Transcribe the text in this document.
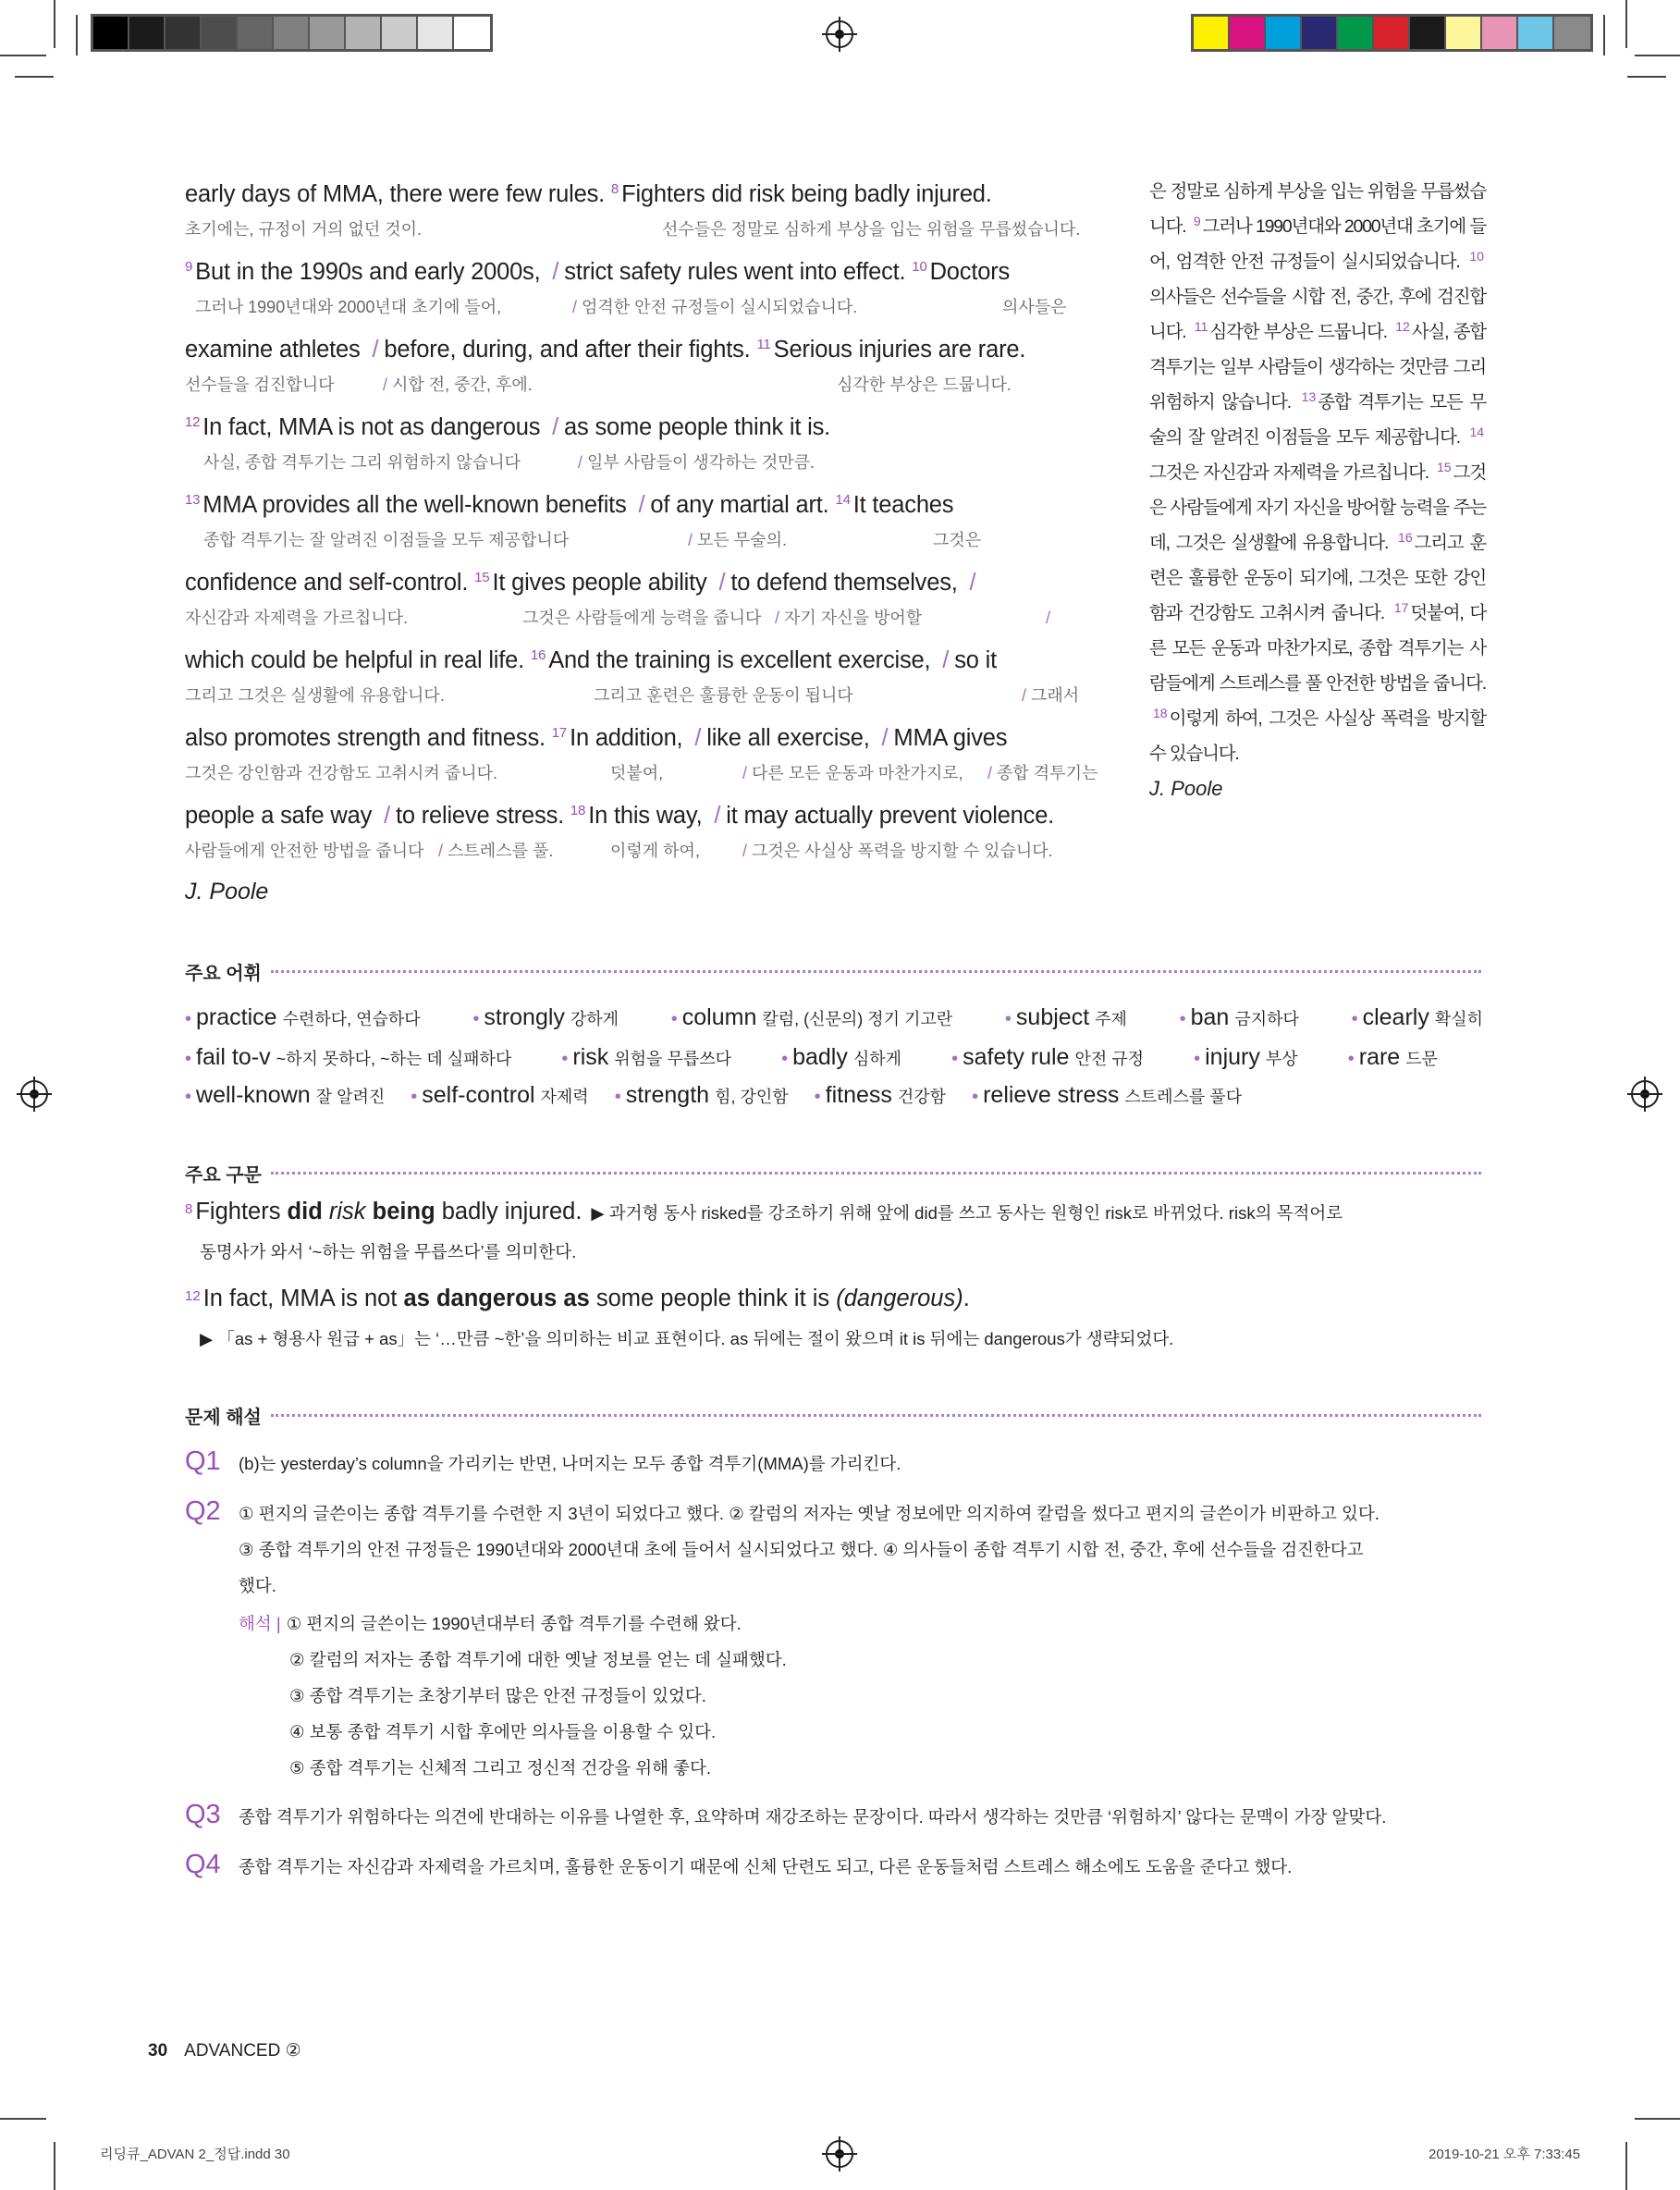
early days of MMA, there were few rules. $^8$ Fighters did risk being badly injured.
초기에는, 규정이 거의 없던 것이.	선수들은 정말로 심하게 부상을 입는 위험을 무릅썼습니다.
$^9$ But in the 1990s and early 2000s, / strict safety rules went into effect. $^{10}$ Doctors
그러나 1990년대와 2000년대 초기에 들어,	/ 엄격한 안전 규정들이 실시되었습니다.	의사들은
examine athletes / before, during, and after their fights. $^{11}$ Serious injuries are rare.
선수들을 검진합니다	/ 시합 전, 중간, 후에.	심각한 부상은 드뭅니다.
$^{12}$ In fact, MMA is not as dangerous / as some people think it is.
사실, 종합 격투기는 그리 위험하지 않습니다	/ 일부 사람들이 생각하는 것만큼.
$^{13}$ MMA provides all the well-known benefits / of any martial art. $^{14}$ It teaches
종합 격투기는 잘 알려진 이점들을 모두 제공합니다	/ 모든 무술의.	그것은
confidence and self-control. $^{15}$ It gives people ability / to defend themselves, /
자신감과 자제력을 가르칩니다.	그것은 사람들에게 능력을 줍니다 / 자기 자신을 방어할	/
which could be helpful in real life. $^{16}$ And the training is excellent exercise, / so it
그리고 그것은 실생활에 유용합니다.	그리고 훈련은 훌륭한 운동이 됩니다	/ 그래서
also promotes strength and fitness. $^{17}$ In addition, / like all exercise, / MMA gives
그것은 강인함과 건강함도 고취시켜 줍니다.	덧붙여,	/ 다른 모든 운동과 마찬가지로, / 종합 격투기는
people a safe way / to relieve stress. $^{18}$ In this way, / it may actually prevent violence.
사람들에게 안전한 방법을 줍니다 / 스트레스를 풀.	이렇게 하여,	/ 그것은 사실상 폭력을 방지할 수 있습니다.
J. Poole
은 정말로 심하게 부상을 입는 위험을 무릅썼습니다. $^9$ 그러나 1990년대와 2000년대 초기에 들어, 엄격한 안전 규정들이 실시되었습니다. $^{10}$의사들은 선수들을 시합 전, 중간, 후에 검진합니다. $^{11}$ 심각한 부상은 드뭅니다. $^{12}$ 사실, 종합 격투기는 일부 사람들이 생각하는 것만큼 그리 위험하지 않습니다. $^{13}$ 종합 격투기는 모든 무술의 잘 알려진 이점들을 모두 제공합니다. $^{14}$그것은 자신감과 자제력을 가르칩니다. $^{15}$ 그것은 사람들에게 자기 자신을 방어할 능력을 주는데, 그것은 실생활에 유용합니다. $^{16}$ 그리고 훈련은 훌륭한 운동이 되기에, 그것은 또한 강인함과 건강함도 고취시켜 줍니다. $^{17}$ 덧붙여, 다른 모든 운동과 마찬가지로, 종합 격투기는 사람들에게 스트레스를 풀 안전한 방법을 줍니다. $^{18}$ 이렇게 하여, 그것은 사실상 폭력을 방지할 수 있습니다.
J. Poole
주요 어휘
• practice 수련하다, 연습하다	• strongly 강하게	• column 칼럼, (신문의) 정기 기고란	• subject 주제	• ban 금지하다	• clearly 확실히
• fail to-v ~하지 못하다, ~하는 데 실패하다	• risk 위험을 무릅쓰다	• badly 심하게	• safety rule 안전 규정	• injury 부상	• rare 드문
• well-known 잘 알려진 • self-control 자제력 • strength 힘, 강인함 • fitness 건강함 • relieve stress 스트레스를 풀다
주요 구문
8 Fighters did risk being badly injured. ▶ 과거형 동사 risked를 강조하기 위해 앞에 did를 쓰고 동사는 원형인 risk로 바뀌었다. risk의 목적어로
동명사가 와서 ‘~하는 위험을 무릅쓰다’를 의미한다.
12 In fact, MMA is not as dangerous as some people think it is (dangerous).
▶ 「as + 형용사 원급 + as」는 ‘…만큼 ~한’을 의미하는 비교 표현이다. as 뒤에는 절이 왔으며 it is 뒤에는 dangerous가 생략되었다.
문제 해설
Q1	(b)는 yesterday’s column을 가리키는 반면, 나머지는 모두 종합 격투기(MMA)를 가리킨다.
Q2	① 편지의 글쓴이는 종합 격투기를 수련한 지 3년이 되었다고 했다. ② 칼럼의 저자는 옛날 정보에만 의지하여 칼럼을 썼다고 편지의 글쓴이가 비판하고 있다.
③ 종합 격투기의 안전 규정들은 1990년대와 2000년대 초에 들어서 실시되었다고 했다. ④ 의사들이 종합 격투기 시합 전, 중간, 후에 선수들을 검진한다고
했다.
해석 | ① 편지의 글쓴이는 1990년대부터 종합 격투기를 수련해 왔다.
② 칼럼의 저자는 종합 격투기에 대한 옛날 정보를 얻는 데 실패했다.
③ 종합 격투기는 초창기부터 많은 안전 규정들이 있었다.
④ 보통 종합 격투기 시합 후에만 의사들을 이용할 수 있다.
⑤ 종합 격투기는 신체적 그리고 정신적 건강을 위해 좋다.
Q3	종합 격투기가 위험하다는 의견에 반대하는 이유를 나열한 후, 요약하며 재강조하는 문장이다. 따라서 생각하는 것만큼 ‘위험하지’ 않다는 문맥이 가장 알맞다.
Q4	종합 격투기는 자신감과 자제력을 가르치며, 훌륭한 운동이기 때문에 신체 단련도 되고, 다른 운동들처럼 스트레스 해소에도 도움을 준다고 했다.
30 ADVANCED ②
리딩큐_ADVAN 2_정답.indd 30	2019-10-21 오후 7:33:45
